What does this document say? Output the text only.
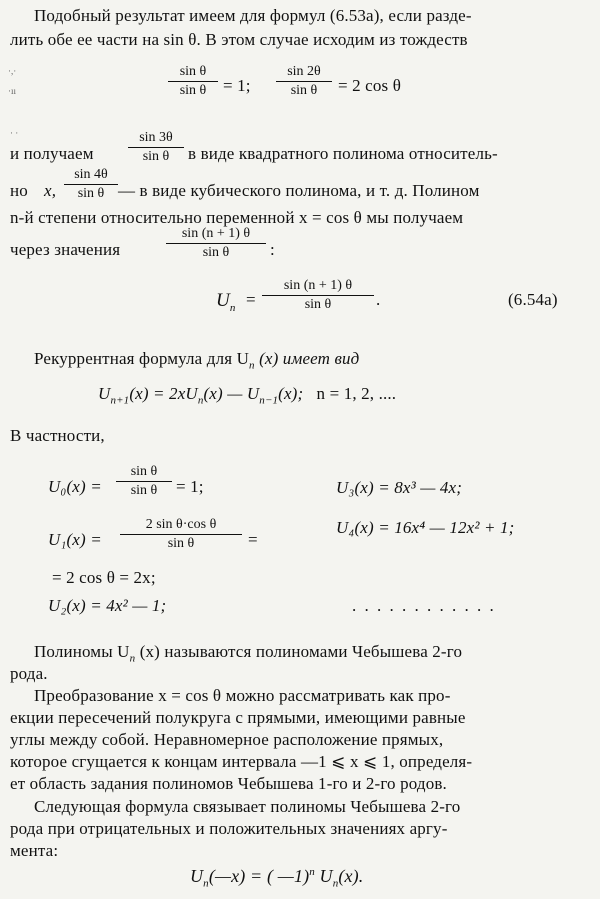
·,·
·ıı
· ·
Подобный результат имеем для формул (6.53а), если разде-
лить обе ее части на sin θ. В этом случае исходим из тождеств
$\frac{\text{sin θ}}{\text{sin θ}} = 1$; $\frac{\sin 2\theta}{\text{sin θ}} = 2$ cos θ
и получаем $\frac{\sin 3\theta}{\text{sin θ}}$ в виде квадратного полинома относитель-
но x, $\frac{\sin 4\theta}{\text{sin θ}}$ — в виде кубического полинома, и т. д. Полином
n-й степени относительно переменной x = cos θ мы получаем
через значения	$\frac{\sin (n + 1) \theta}{\text{sin θ}}$ :
$U_n = \frac{\sin (n + 1) \theta}{\text{sin θ}}$ .	(6.54a)
Рекуррентная формула для $U_n$ (x) имеет вид
$U_{n+1}(x) = 2xU_n(x)$ — $U_{n-1}(x)$;   n = 1, 2, ....
В частности,
$U_0(x) = \frac{\text{sin θ}}{\text{sin θ}} = 1$;
$U_1(x) = \frac{\text{2 sin θ·cos θ}}{\text{sin θ}}$ =
= 2 cos θ = 2x;
U₂(x) = 4x² — 1;
U₃(x) = 8x³ — 4x;
U₄(x) = 16x⁴ — 12x² + 1;
. . . . . . . . . . . .
Полиномы $U_n$ (x) называются полиномами Чебышева 2-го
рода.
Преобразование x = cos θ можно рассматривать как про-
екции пересечений полукруга с прямыми, имеющими равные
углы между собой. Неравномерное расположение прямых,
которое сгущается к концам интервала —1 ⩽ x ⩽ 1, определя-
ет область задания полиномов Чебышева 1-го и 2-го родов.
Следующая формула связывает полиномы Чебышева 2-го
рода при отрицательных и положительных значениях аргу-
мента:
$U_n(—x)$ = ( —1)$^n$ $U_n(x)$.
